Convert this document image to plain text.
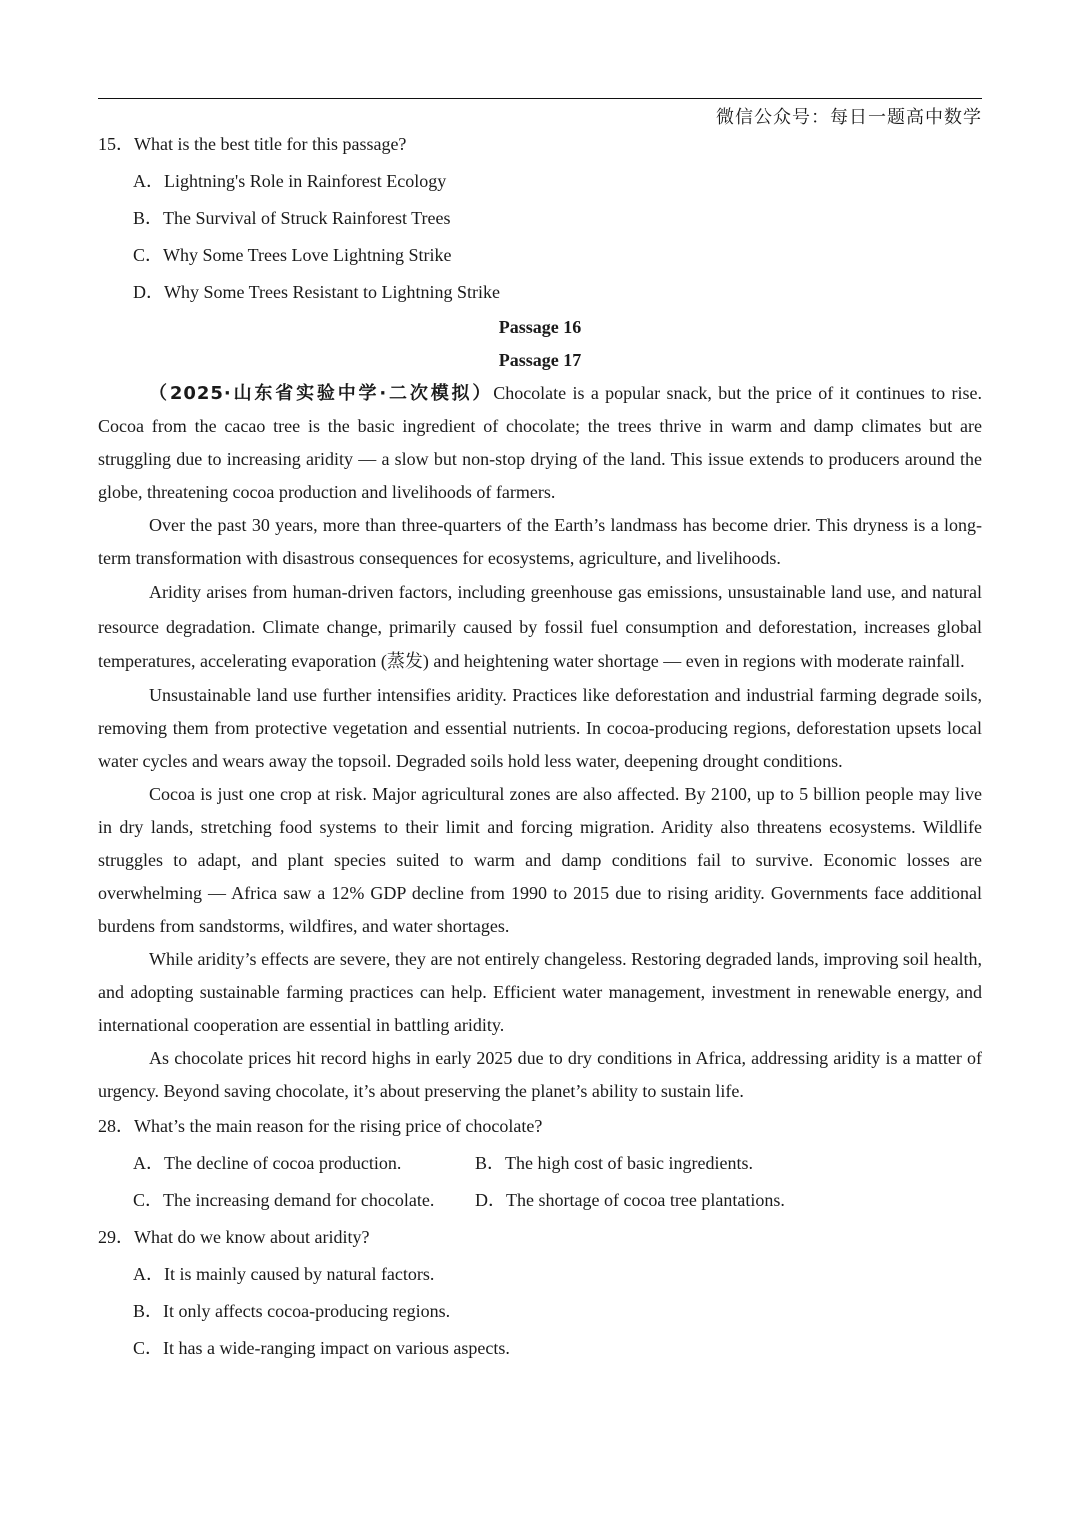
微信公众号：每日一题高中数学
15．What is the best title for this passage?
A．Lightning's Role in Rainforest Ecology
B．The Survival of Struck Rainforest Trees
C．Why Some Trees Love Lightning Strike
D．Why Some Trees Resistant to Lightning Strike
Passage 16
Passage 17

（2025·山东省实验中学·二次模拟）Chocolate is a popular snack, but the price of it continues to rise. Cocoa from the cacao tree is the basic ingredient of chocolate; the trees thrive in warm and damp climates but are struggling due to increasing aridity — a slow but non-stop drying of the land. This issue extends to producers around the globe, threatening cocoa production and livelihoods of farmers.

Over the past 30 years, more than three-quarters of the Earth’s landmass has become drier. This dryness is a long-term transformation with disastrous consequences for ecosystems, agriculture, and livelihoods.

Aridity arises from human-driven factors, including greenhouse gas emissions, unsustainable land use, and natural resource degradation. Climate change, primarily caused by fossil fuel consumption and deforestation, increases global temperatures, accelerating evaporation (蒸发) and heightening water shortage — even in regions with moderate rainfall.

Unsustainable land use further intensifies aridity. Practices like deforestation and industrial farming degrade soils, removing them from protective vegetation and essential nutrients. In cocoa-producing regions, deforestation upsets local water cycles and wears away the topsoil. Degraded soils hold less water, deepening drought conditions.

Cocoa is just one crop at risk. Major agricultural zones are also affected. By 2100, up to 5 billion people may live in dry lands, stretching food systems to their limit and forcing migration. Aridity also threatens ecosystems. Wildlife struggles to adapt, and plant species suited to warm and damp conditions fail to survive. Economic losses are overwhelming — Africa saw a 12% GDP decline from 1990 to 2015 due to rising aridity. Governments face additional burdens from sandstorms, wildfires, and water shortages.

While aridity’s effects are severe, they are not entirely changeless. Restoring degraded lands, improving soil health, and adopting sustainable farming practices can help. Efficient water management, investment in renewable energy, and international cooperation are essential in battling aridity.

As chocolate prices hit record highs in early 2025 due to dry conditions in Africa, addressing aridity is a matter of urgency. Beyond saving chocolate, it’s about preserving the planet’s ability to sustain life.

28．What’s the main reason for the rising price of chocolate?
A．The decline of cocoa production.	B．The high cost of basic ingredients.
C．The increasing demand for chocolate.	D．The shortage of cocoa tree plantations.
29．What do we know about aridity?
A．It is mainly caused by natural factors.
B．It only affects cocoa-producing regions.
C．It has a wide-ranging impact on various aspects.
